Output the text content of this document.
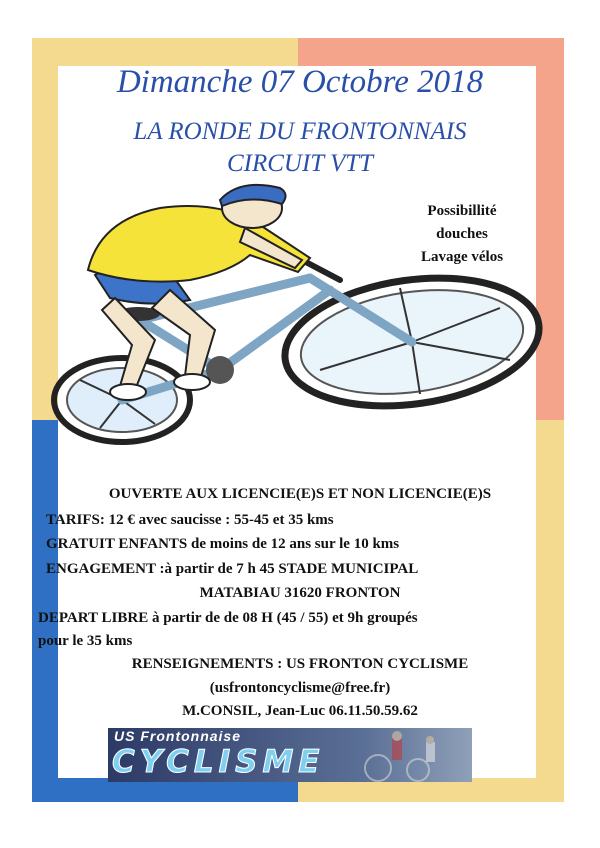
Dimanche 07 Octobre 2018
LA RONDE DU FRONTONNAIS
CIRCUIT VTT
Possibillité
douches
Lavage vélos
OUVERTE AUX LICENCIE(E)S ET NON LICENCIE(E)S
TARIFS: 12 € avec saucisse : 55-45 et 35 kms
GRATUIT ENFANTS de moins de 12 ans sur le 10 kms
ENGAGEMENT :à partir de 7 h 45 STADE MUNICIPAL
MATABIAU 31620 FRONTON
DEPART LIBRE à partir de de 08 H (45 / 55) et 9h groupés
pour le 35 kms
RENSEIGNEMENTS : US FRONTON CYCLISME
(usfrontoncyclisme@free.fr)
M.CONSIL, Jean-Luc 06.11.50.59.62
US Frontonnaise
CYCLISME
